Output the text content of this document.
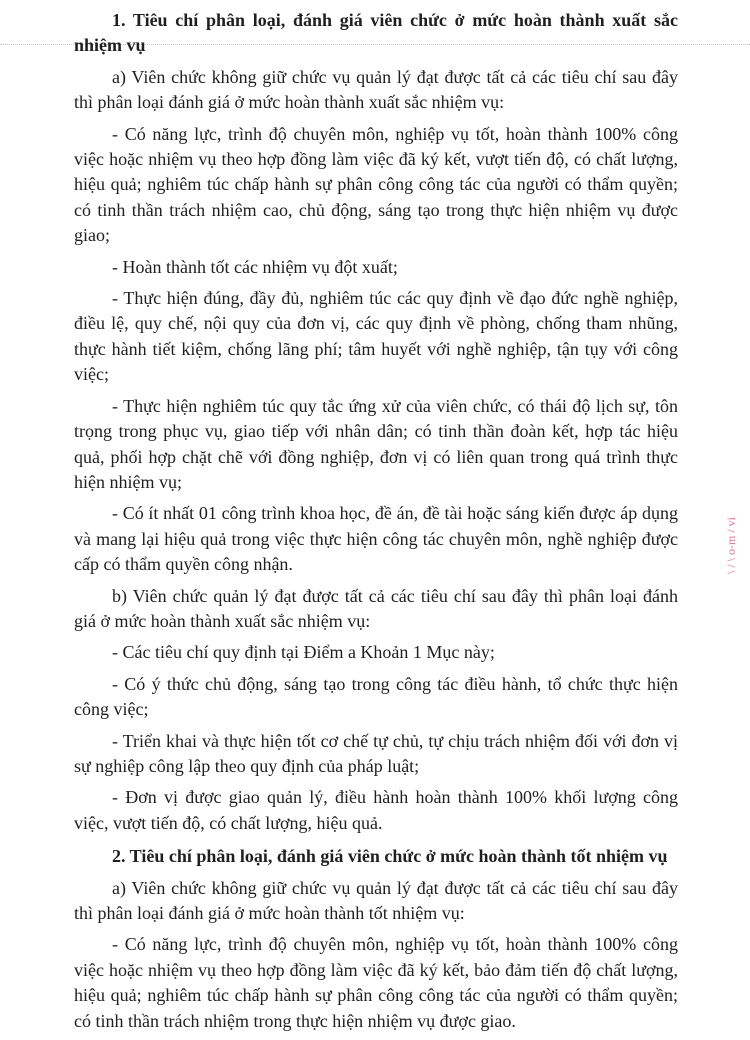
1. Tiêu chí phân loại, đánh giá viên chức ở mức hoàn thành xuất sắc nhiệm vụ

a) Viên chức không giữ chức vụ quản lý đạt được tất cả các tiêu chí sau đây thì phân loại đánh giá ở mức hoàn thành xuất sắc nhiệm vụ:

- Có năng lực, trình độ chuyên môn, nghiệp vụ tốt, hoàn thành 100% công việc hoặc nhiệm vụ theo hợp đồng làm việc đã ký kết, vượt tiến độ, có chất lượng, hiệu quả; nghiêm túc chấp hành sự phân công công tác của người có thẩm quyền; có tinh thần trách nhiệm cao, chủ động, sáng tạo trong thực hiện nhiệm vụ được giao;

- Hoàn thành tốt các nhiệm vụ đột xuất;

- Thực hiện đúng, đầy đủ, nghiêm túc các quy định về đạo đức nghề nghiệp, điều lệ, quy chế, nội quy của đơn vị, các quy định về phòng, chống tham nhũng, thực hành tiết kiệm, chống lãng phí; tâm huyết với nghề nghiệp, tận tụy với công việc;

- Thực hiện nghiêm túc quy tắc ứng xử của viên chức, có thái độ lịch sự, tôn trọng trong phục vụ, giao tiếp với nhân dân; có tinh thần đoàn kết, hợp tác hiệu quả, phối hợp chặt chẽ với đồng nghiệp, đơn vị có liên quan trong quá trình thực hiện nhiệm vụ;

- Có ít nhất 01 công trình khoa học, đề án, đề tài hoặc sáng kiến được áp dụng và mang lại hiệu quả trong việc thực hiện công tác chuyên môn, nghề nghiệp được cấp có thẩm quyền công nhận.

b) Viên chức quản lý đạt được tất cả các tiêu chí sau đây thì phân loại đánh giá ở mức hoàn thành xuất sắc nhiệm vụ:

- Các tiêu chí quy định tại Điểm a Khoản 1 Mục này;

- Có ý thức chủ động, sáng tạo trong công tác điều hành, tổ chức thực hiện công việc;

- Triển khai và thực hiện tốt cơ chế tự chủ, tự chịu trách nhiệm đối với đơn vị sự nghiệp công lập theo quy định của pháp luật;

- Đơn vị được giao quản lý, điều hành hoàn thành 100% khối lượng công việc, vượt tiến độ, có chất lượng, hiệu quả.

2. Tiêu chí phân loại, đánh giá viên chức ở mức hoàn thành tốt nhiệm vụ

a) Viên chức không giữ chức vụ quản lý đạt được tất cả các tiêu chí sau đây thì phân loại đánh giá ở mức hoàn thành tốt nhiệm vụ:

- Có năng lực, trình độ chuyên môn, nghiệp vụ tốt, hoàn thành 100% công việc hoặc nhiệm vụ theo hợp đồng làm việc đã ký kết, bảo đảm tiến độ chất lượng, hiệu quả; nghiêm túc chấp hành sự phân công công tác của người có thẩm quyền; có tinh thần trách nhiệm trong thực hiện nhiệm vụ được giao.

\ / \ o-m / vi
